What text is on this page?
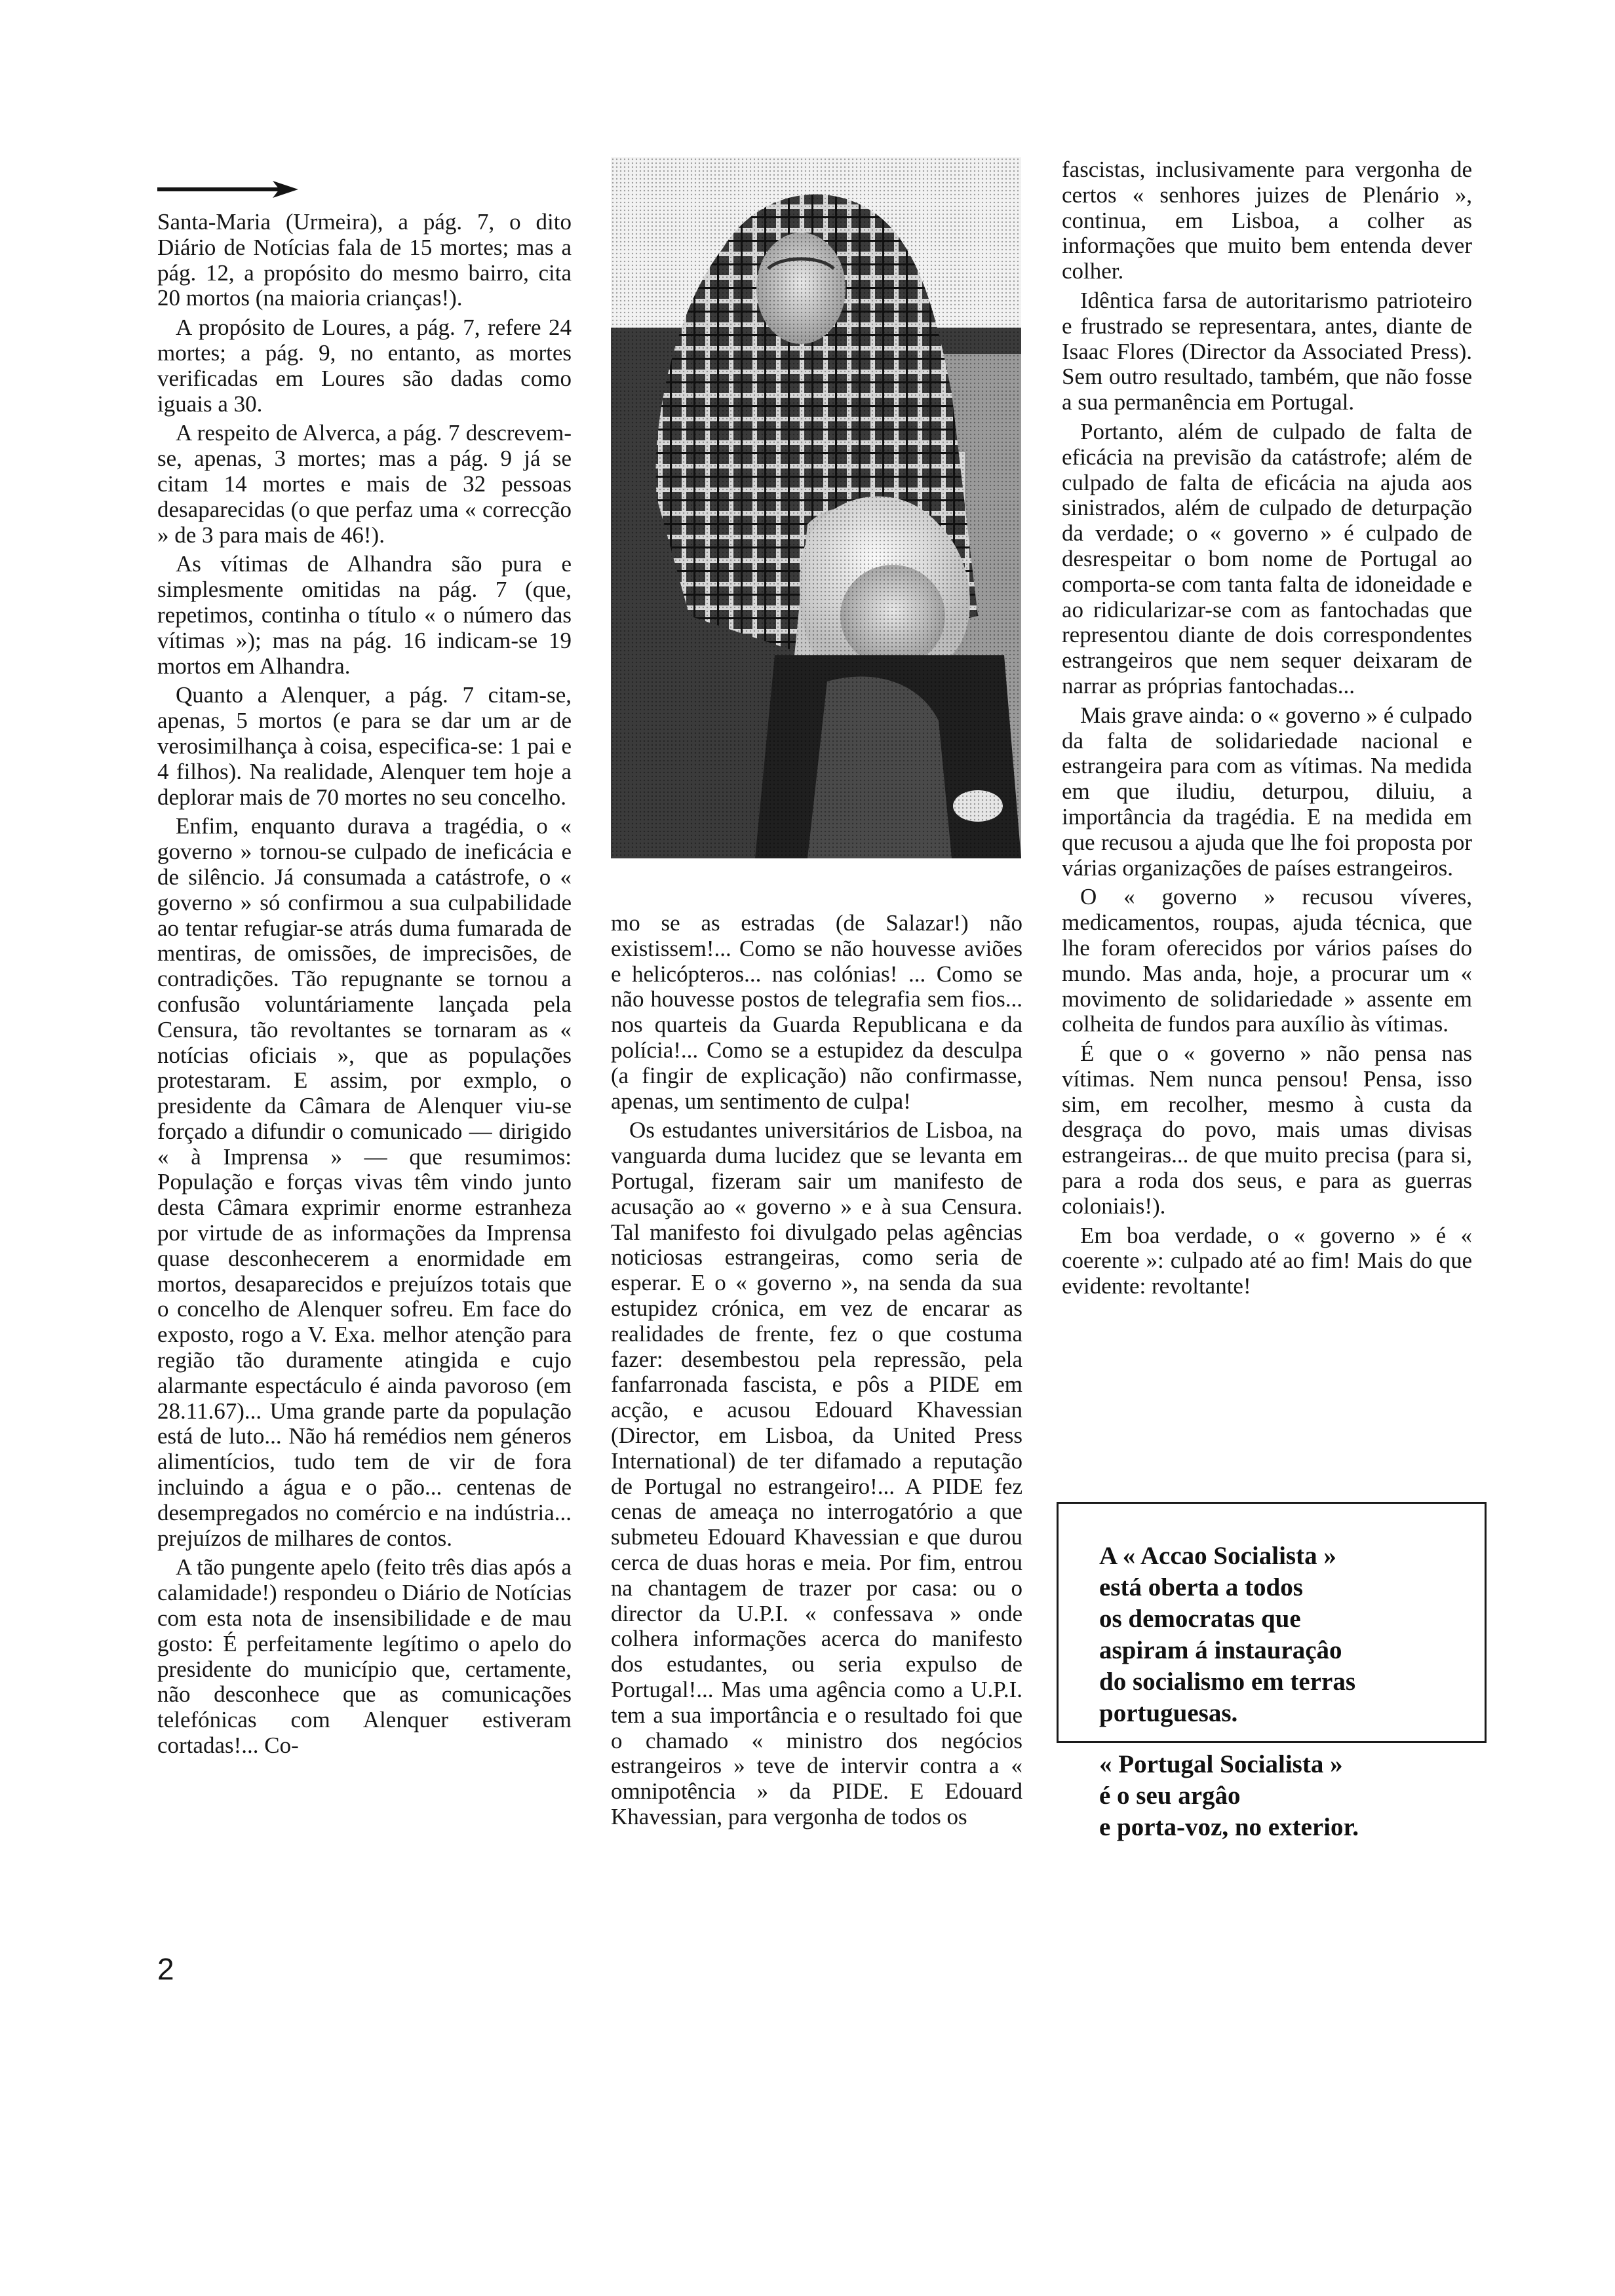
Santa-Maria (Urmeira), a pág. 7, o dito Diário de Notícias fala de 15 mortes; mas a pág. 12, a propósito do mesmo bairro, cita 20 mortos (na maioria crianças!).

A propósito de Loures, a pág. 7, refere 24 mortes; a pág. 9, no entanto, as mortes verificadas em Loures são dadas como iguais a 30.

A respeito de Alverca, a pág. 7 descrevem-se, apenas, 3 mortes; mas a pág. 9 já se citam 14 mortes e mais de 32 pessoas desaparecidas (o que perfaz uma « correcção » de 3 para mais de 46!).

As vítimas de Alhandra são pura e simplesmente omitidas na pág. 7 (que, repetimos, continha o título « o número das vítimas »); mas na pág. 16 indicam-se 19 mortos em Alhandra.

Quanto a Alenquer, a pág. 7 citam-se, apenas, 5 mortos (e para se dar um ar de verosimilhança à coisa, especifica-se: 1 pai e 4 filhos). Na realidade, Alenquer tem hoje a deplorar mais de 70 mortes no seu concelho.

Enfim, enquanto durava a tragédia, o « governo » tornou-se culpado de ineficácia e de silêncio. Já consumada a catástrofe, o « governo » só confirmou a sua culpabilidade ao tentar refugiar-se atrás duma fumarada de mentiras, de omissões, de imprecisões, de contradições. Tão repugnante se tornou a confusão voluntáriamente lançada pela Censura, tão revoltantes se tornaram as « notícias oficiais », que as populações protestaram. E assim, por exmplo, o presidente da Câmara de Alenquer viu-se forçado a difundir o comunicado — dirigido « à Imprensa » — que resumimos: População e forças vivas têm vindo junto desta Câmara exprimir enorme estranheza por virtude de as informações da Imprensa quase desconhecerem a enormidade em mortos, desaparecidos e prejuízos totais que o concelho de Alenquer sofreu. Em face do exposto, rogo a V. Exa. melhor atenção para região tão duramente atingida e cujo alarmante espectáculo é ainda pavoroso (em 28.11.67)... Uma grande parte da população está de luto... Não há remédios nem géneros alimentícios, tudo tem de vir de fora incluindo a água e o pão... centenas de desempregados no comércio e na indústria... prejuízos de milhares de contos.

A tão pungente apelo (feito três dias após a calamidade!) respondeu o Diário de Notícias com esta nota de insensibilidade e de mau gosto: É perfeitamente legítimo o apelo do presidente do município que, certamente, não desconhece que as comunicações telefónicas com Alenquer estiveram cortadas!... Co-

mo se as estradas (de Salazar!) não existissem!... Como se não houvesse aviões e helicópteros... nas colónias! ... Como se não houvesse postos de telegrafia sem fios... nos quarteis da Guarda Republicana e da polícia!... Como se a estupidez da desculpa (a fingir de explicação) não confirmasse, apenas, um sentimento de culpa!

Os estudantes universitários de Lisboa, na vanguarda duma lucidez que se levanta em Portugal, fizeram sair um manifesto de acusação ao « governo » e à sua Censura. Tal manifesto foi divulgado pelas agências noticiosas estrangeiras, como seria de esperar. E o « governo », na senda da sua estupidez crónica, em vez de encarar as realidades de frente, fez o que costuma fazer: desembestou pela repressão, pela fanfarronada fascista, e pôs a PIDE em acção, e acusou Edouard Khavessian (Director, em Lisboa, da United Press International) de ter difamado a reputação de Portugal no estrangeiro!... A PIDE fez cenas de ameaça no interrogatório a que submeteu Edouard Khavessian e que durou cerca de duas horas e meia. Por fim, entrou na chantagem de trazer por casa: ou o director da U.P.I. « confessava » onde colhera informações acerca do manifesto dos estudantes, ou seria expulso de Portugal!... Mas uma agência como a U.P.I. tem a sua importância e o resultado foi que o chamado « ministro dos negócios estrangeiros » teve de intervir contra a « omnipotência » da PIDE. E Edouard Khavessian, para vergonha de todos os

fascistas, inclusivamente para vergonha de certos « senhores juizes de Plenário », continua, em Lisboa, a colher as informações que muito bem entenda dever colher.

Idêntica farsa de autoritarismo patrioteiro e frustrado se representara, antes, diante de Isaac Flores (Director da Associated Press). Sem outro resultado, também, que não fosse a sua permanência em Portugal.

Portanto, além de culpado de falta de eficácia na previsão da catástrofe; além de culpado de falta de eficácia na ajuda aos sinistrados, além de culpado de deturpação da verdade; o « governo » é culpado de desrespeitar o bom nome de Portugal ao comporta-se com tanta falta de idoneidade e ao ridicularizar-se com as fantochadas que representou diante de dois correspondentes estrangeiros que nem sequer deixaram de narrar as próprias fantochadas...

Mais grave ainda: o « governo » é culpado da falta de solidariedade nacional e estrangeira para com as vítimas. Na medida em que iludiu, deturpou, diluiu, a importância da tragédia. E na medida em que recusou a ajuda que lhe foi proposta por várias organizações de países estrangeiros.

O « governo » recusou víveres, medicamentos, roupas, ajuda técnica, que lhe foram oferecidos por vários países do mundo. Mas anda, hoje, a procurar um « movimento de solidariedade » assente em colheita de fundos para auxílio às vítimas.

É que o « governo » não pensa nas vítimas. Nem nunca pensou! Pensa, isso sim, em recolher, mesmo à custa da desgraça do povo, mais umas divisas estrangeiras... de que muito precisa (para si, para a roda dos seus, e para as guerras coloniais!).

Em boa verdade, o « governo » é « coerente »: culpado até ao fim! Mais do que evidente: revoltante!

A « Accao Socialista »
está oberta a todos
os democratas que
aspiram á instauraçâo
do socialismo em terras
portuguesas.

« Portugal Socialista »
é o seu argâo
e porta-voz, no exterior.

2
